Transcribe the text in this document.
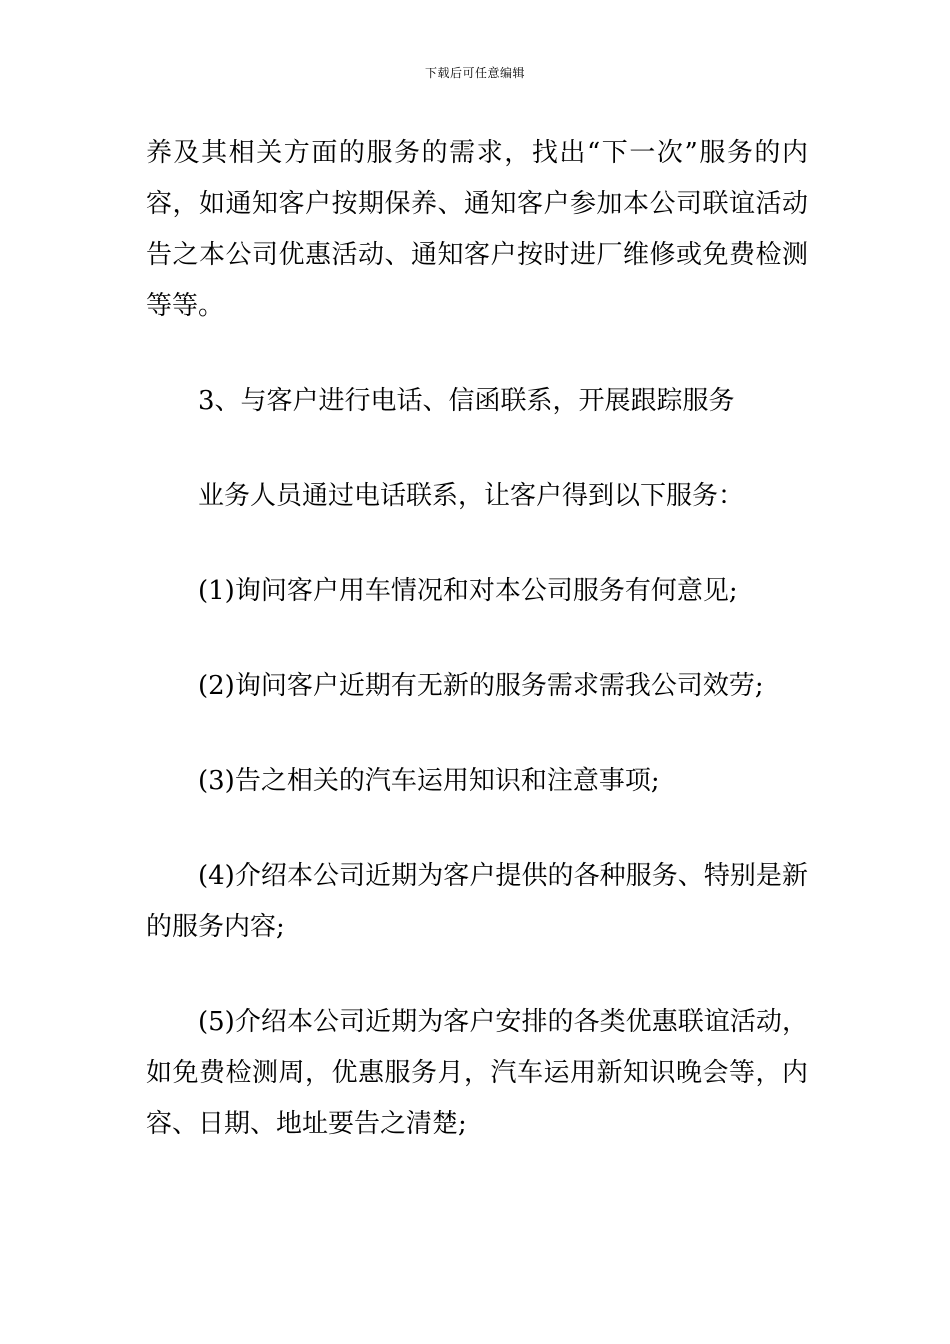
下载后可任意编辑

养及其相关方面的服务的需求，找出“下一次”服务的内容，如通知客户按期保养、通知客户参加本公司联谊活动告之本公司优惠活动、通知客户按时进厂维修或免费检测等等。

3、与客户进行电话、信函联系，开展跟踪服务

业务人员通过电话联系，让客户得到以下服务：

(1)询问客户用车情况和对本公司服务有何意见;

(2)询问客户近期有无新的服务需求需我公司效劳;

(3)告之相关的汽车运用知识和注意事项;

(4)介绍本公司近期为客户提供的各种服务、特别是新的服务内容;

(5)介绍本公司近期为客户安排的各类优惠联谊活动，如免费检测周，优惠服务月，汽车运用新知识晚会等，内容、日期、地址要告之清楚;
